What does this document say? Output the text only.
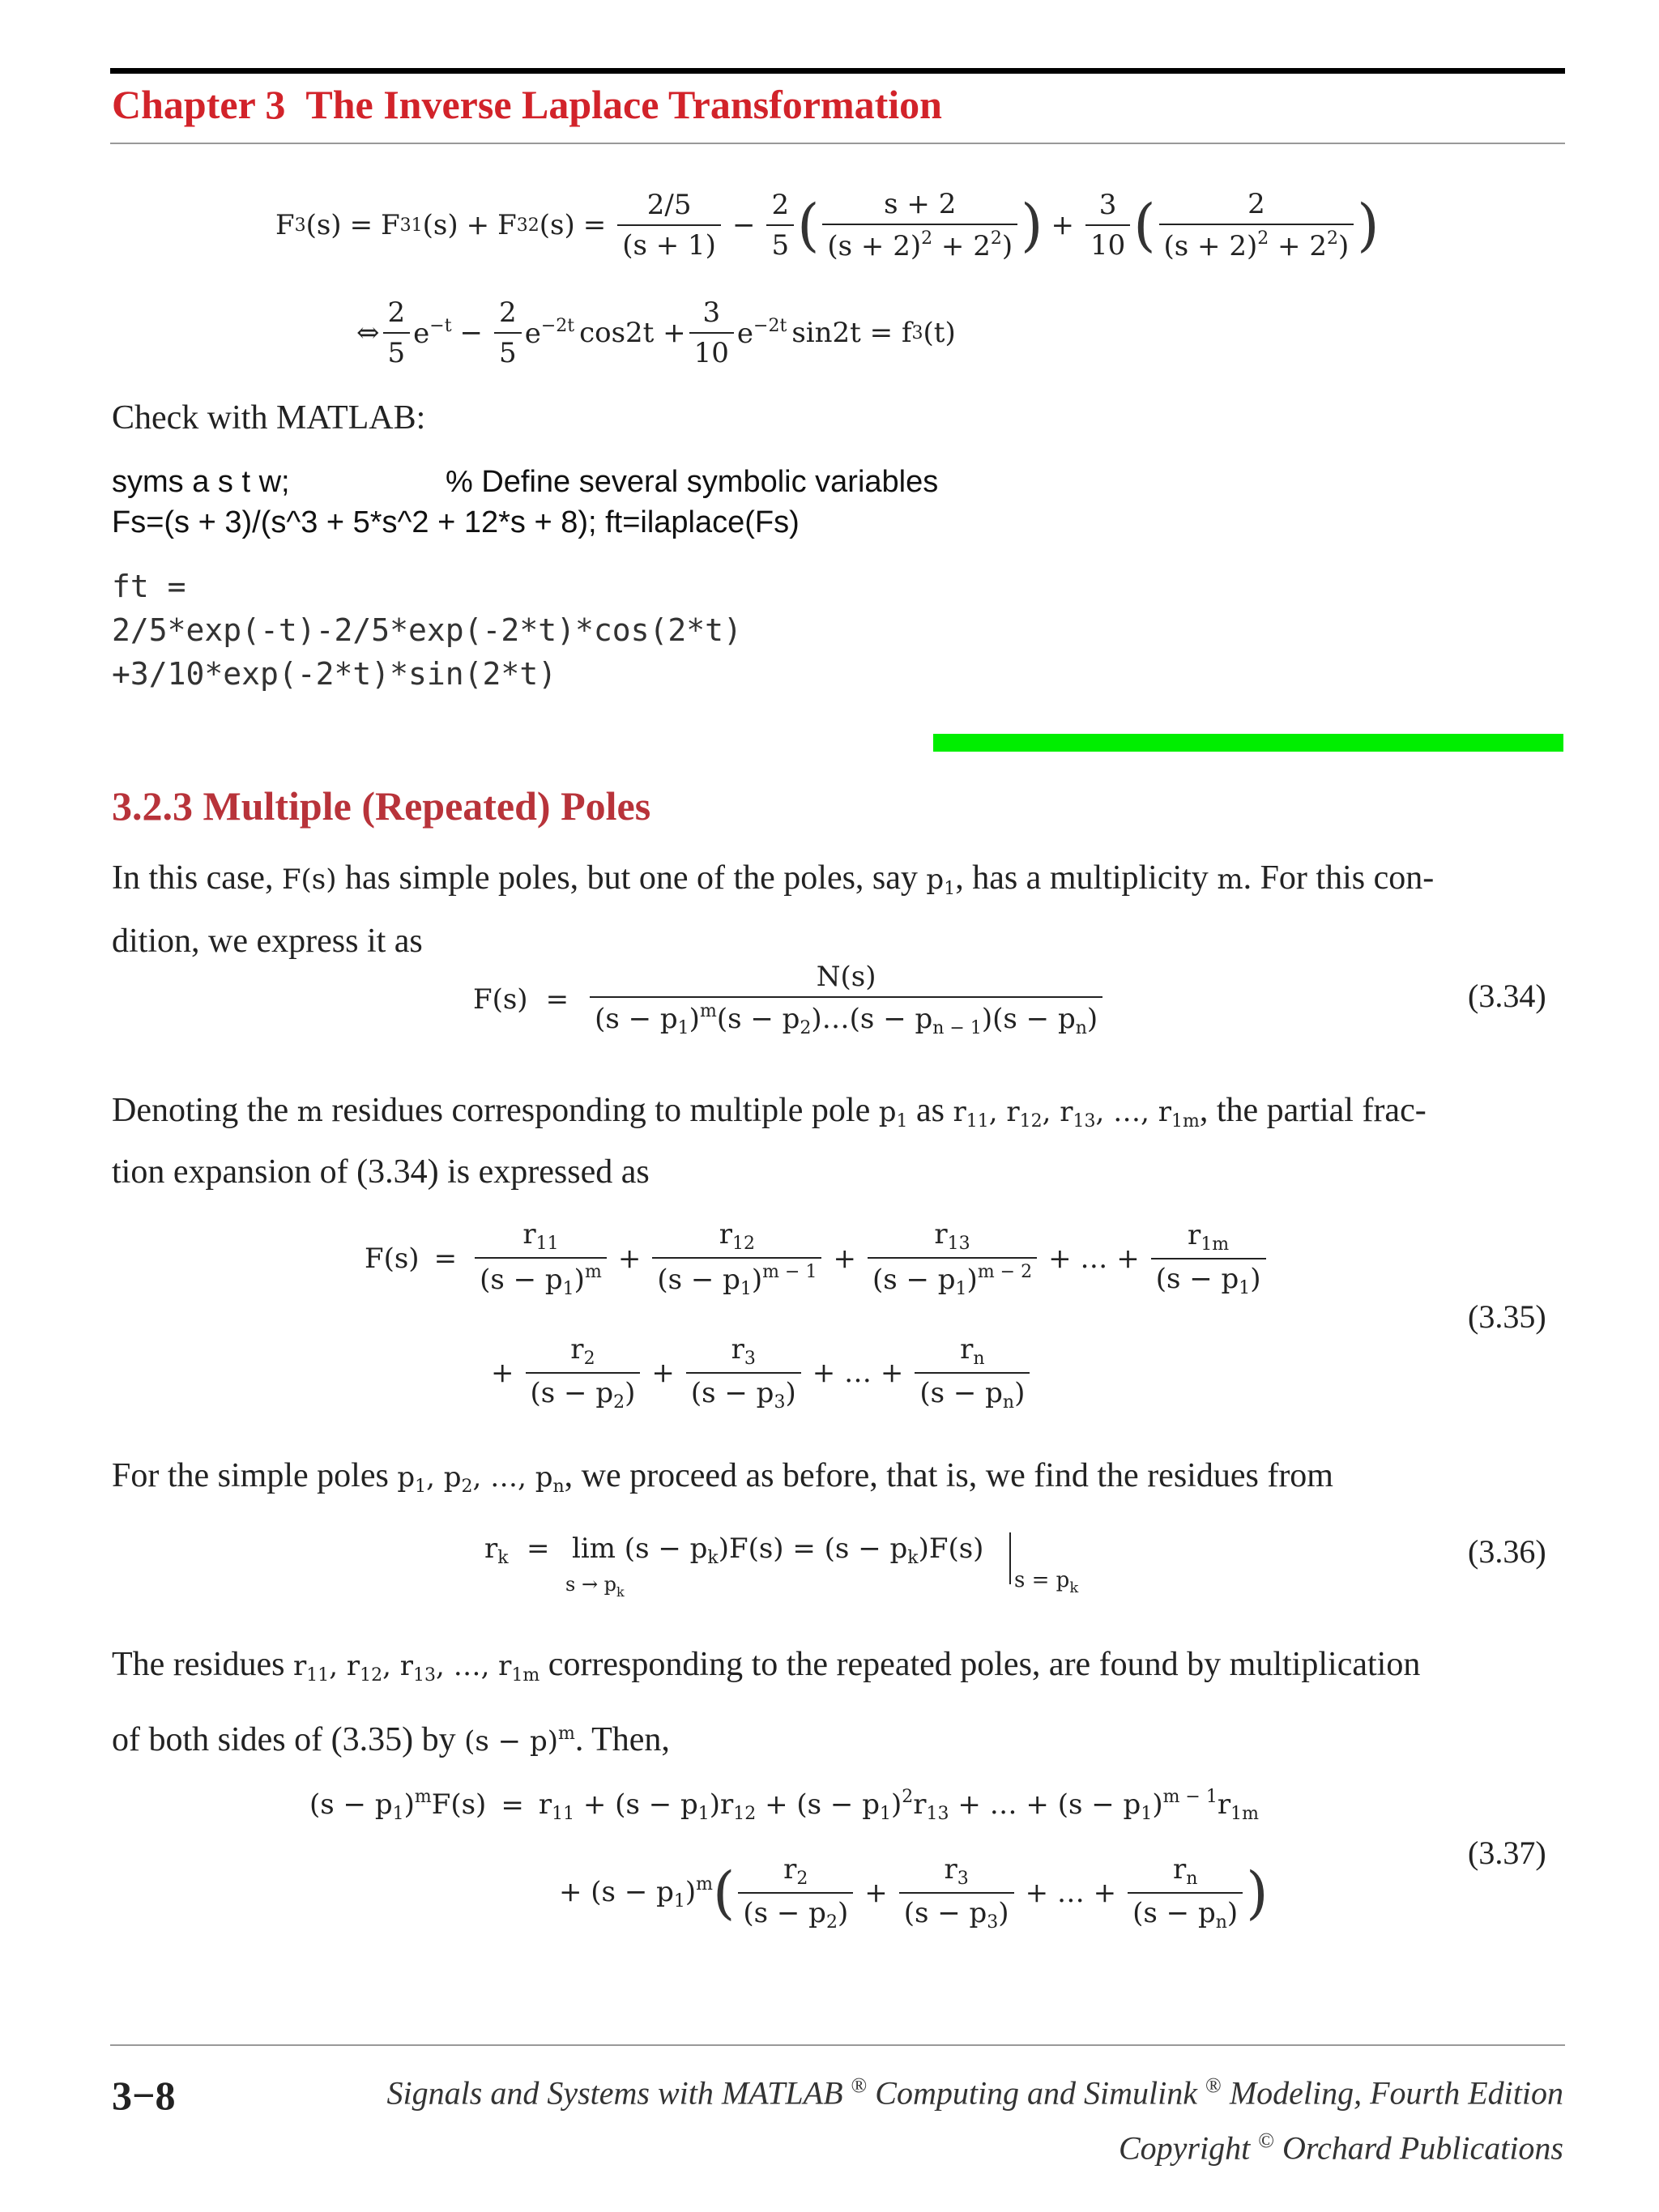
Chapter 3 The Inverse Laplace Transformation
F 3 (s) = F 31 (s) + F 32 $(s) = \frac{2/5}{(s + 1)} - \frac{2}{5}$ ( $\frac{s + 2}{(s + 2)^2 + 2^2)}$ ) + $\frac{3}{10}$ ( $\frac{2}{(s + 2)^2 + 2^2)}$ )
⇔ $\frac{2}{5} e^{-t} - \frac{2}{5} e^{-2t}$ $\cos 2t + \frac{3}{10} e^{-2t}$ sin2t = f 3 (t)
Check with MATLAB:
syms a s t w;	% Define several symbolic variables
Fs=(s + 3)/(s^3 + 5*s^2 + 12*s + 8); ft=ilaplace(Fs)
ft =
2/5*exp(-t)-2/5*exp(-2*t)*cos(2*t)
+3/10*exp(-2*t)*sin(2*t)
3.2.3 Multiple (Repeated) Poles

In this case, F(s) has simple poles, but one of the poles, say $p_1$, has a multiplicity m. For this con-

dition, we express it as

$F(s) = \frac{N(s)}{(s - p_1)^m(s - p_2)\dots(s - p_{n - 1})(s - p_n)}$	(3.34)

Denoting the m residues corresponding to multiple pole $p_1$ as $r_{11}$, $r_{12}$, $r_{13}$, …, $r_{1m}$, the partial frac-

tion expansion of (3.34) is expressed as

$F(s) = \frac{r_{11}}{(s - p_1)^m} + \frac{r_{12}}{(s - p_1)^{m - 1}} + \frac{r_{13}}{(s - p_1)^{m - 2}}$ + … + $\frac{r_{1m}}{(s - p_1)}$
+ $\frac{r_2}{(s - p_2)} + \frac{r_3}{(s - p_3)}$ + … + $\frac{r_n}{(s - p_n)}$
(3.35)

For the simple poles $p_1$, $p_2$, …, $p_n$, we proceed as before, that is, we find the residues from

$r_k = \lim (s - p_k)F(s) = (s - p_k)F(s)$
$s \to p_k$	$s = p_k$
(3.36)

The residues $r_{11}$, $r_{12}$, $r_{13}$, …, $r_{1m}$ corresponding to the repeated poles, are found by multiplication

of both sides of (3.35) by $(s - p)^m$. Then,

$(s - p_1)^mF(s) = r_{11} + (s - p_1)r_{12} + (s - p_1)^2r_{13}$ + … + $(s - p_1)^{m - 1}r_{1m}$
+ $(s - p_1)^m$ ( $\frac{r_2}{(s - p_2)} + \frac{r_3}{(s - p_3)}$ + … + $\frac{r_n}{(s - p_n)}$ )
(3.37)
3−8	Signals and Systems with MATLAB ® Computing and Simulink ® Modeling, Fourth Edition
Copyright © Orchard Publications
